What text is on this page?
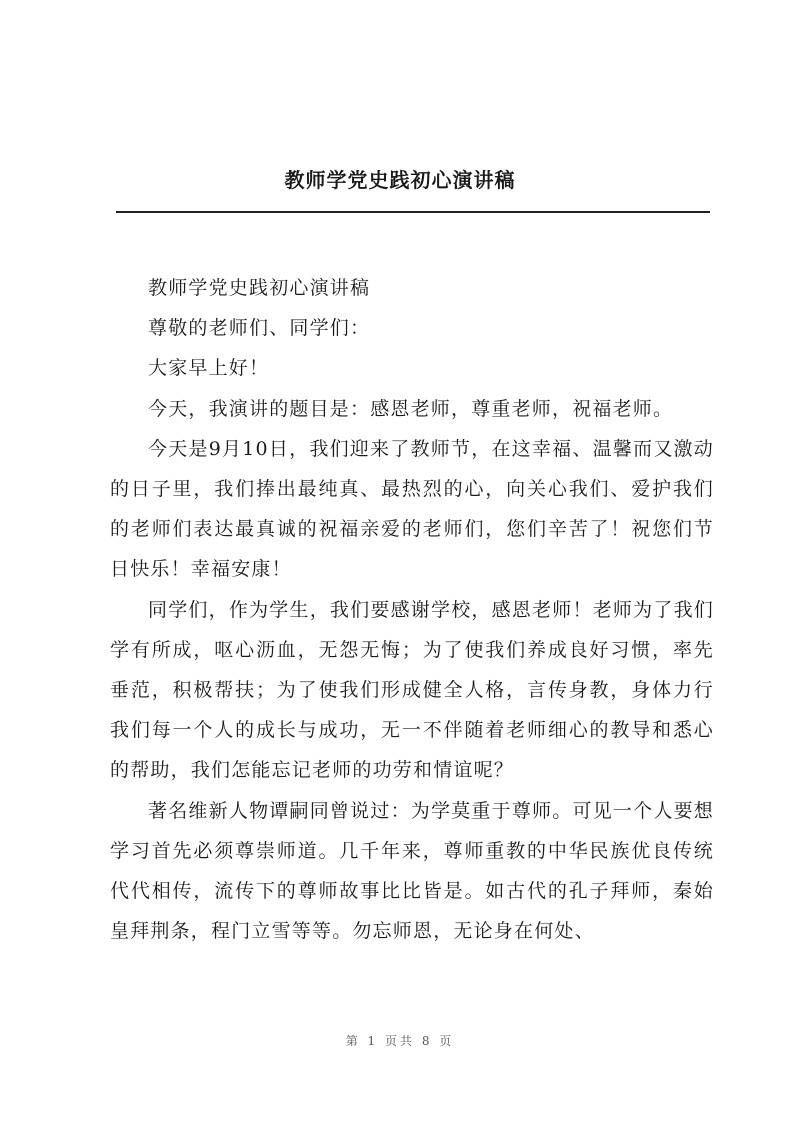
教师学党史践初心演讲稿

教师学党史践初心演讲稿

尊敬的老师们、同学们：

大家早上好！

今天，我演讲的题目是：感恩老师，尊重老师，祝福老师。

今天是9月10日，我们迎来了教师节，在这幸福、温馨而又激动的日子里，我们捧出最纯真、最热烈的心，向关心我们、爱护我们的老师们表达最真诚的祝福亲爱的老师们，您们辛苦了！祝您们节日快乐！幸福安康！

同学们，作为学生，我们要感谢学校，感恩老师！老师为了我们学有所成，呕心沥血，无怨无悔；为了使我们养成良好习惯，率先垂范，积极帮扶；为了使我们形成健全人格，言传身教，身体力行我们每一个人的成长与成功，无一不伴随着老师细心的教导和悉心的帮助，我们怎能忘记老师的功劳和情谊呢？

著名维新人物谭嗣同曾说过：为学莫重于尊师。可见一个人要想学习首先必须尊崇师道。几千年来，尊师重教的中华民族优良传统代代相传，流传下的尊师故事比比皆是。如古代的孔子拜师，秦始皇拜荆条，程门立雪等等。勿忘师恩，无论身在何处、

第 1 页共 8 页
